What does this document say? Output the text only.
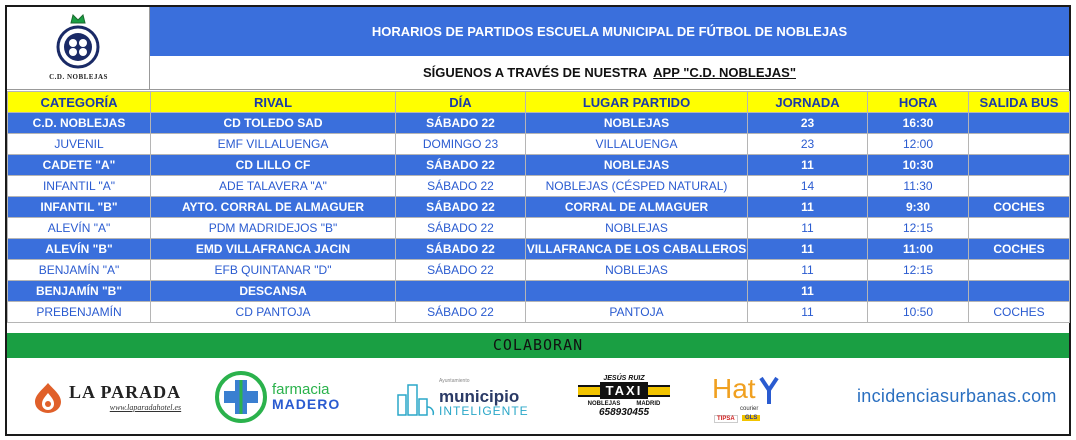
C.D. NOBLEJAS
HORARIOS DE PARTIDOS ESCUELA MUNICIPAL DE FÚTBOL DE NOBLEJAS
SÍGUENOS A TRAVÉS DE NUESTRA APP "C.D. NOBLEJAS"
CATEGORÍA	RIVAL	DÍA	LUGAR PARTIDO	JORNADA	HORA	SALIDA BUS
C.D. NOBLEJAS	CD TOLEDO SAD	SÁBADO 22	NOBLEJAS	23	16:30	
JUVENIL	EMF VILLALUENGA	DOMINGO 23	VILLALUENGA	23	12:00	
CADETE "A"	CD LILLO CF	SÁBADO 22	NOBLEJAS	11	10:30	
INFANTIL "A"	ADE TALAVERA "A"	SÁBADO 22	NOBLEJAS (CÉSPED NATURAL)	14	11:30	
INFANTIL "B"	AYTO. CORRAL DE ALMAGUER	SÁBADO 22	CORRAL DE ALMAGUER	11	9:30	COCHES
ALEVÍN "A"	PDM MADRIDEJOS "B"	SÁBADO 22	NOBLEJAS	11	12:15	
ALEVÍN "B"	EMD VILLAFRANCA JACIN	SÁBADO 22	VILLAFRANCA DE LOS CABALLEROS	11	11:00	COCHES
BENJAMÍN "A"	EFB QUINTANAR "D"	SÁBADO 22	NOBLEJAS	11	12:15	
BENJAMÍN "B"	DESCANSA			11		
PREBENJAMÍN	CD PANTOJA	SÁBADO 22	PANTOJA	11	10:50	COCHES
COLABORAN
LA PARADA
www.laparadahotel.es
farmacia
MADERO
Ayuntamiento
municipio
INTELIGENTE
JESÚS RUIZ
TAXI
NOBLEJAS	MADRID
658930455
Hat
courier
TIPSA	GLS
incidenciasurbanas.com
